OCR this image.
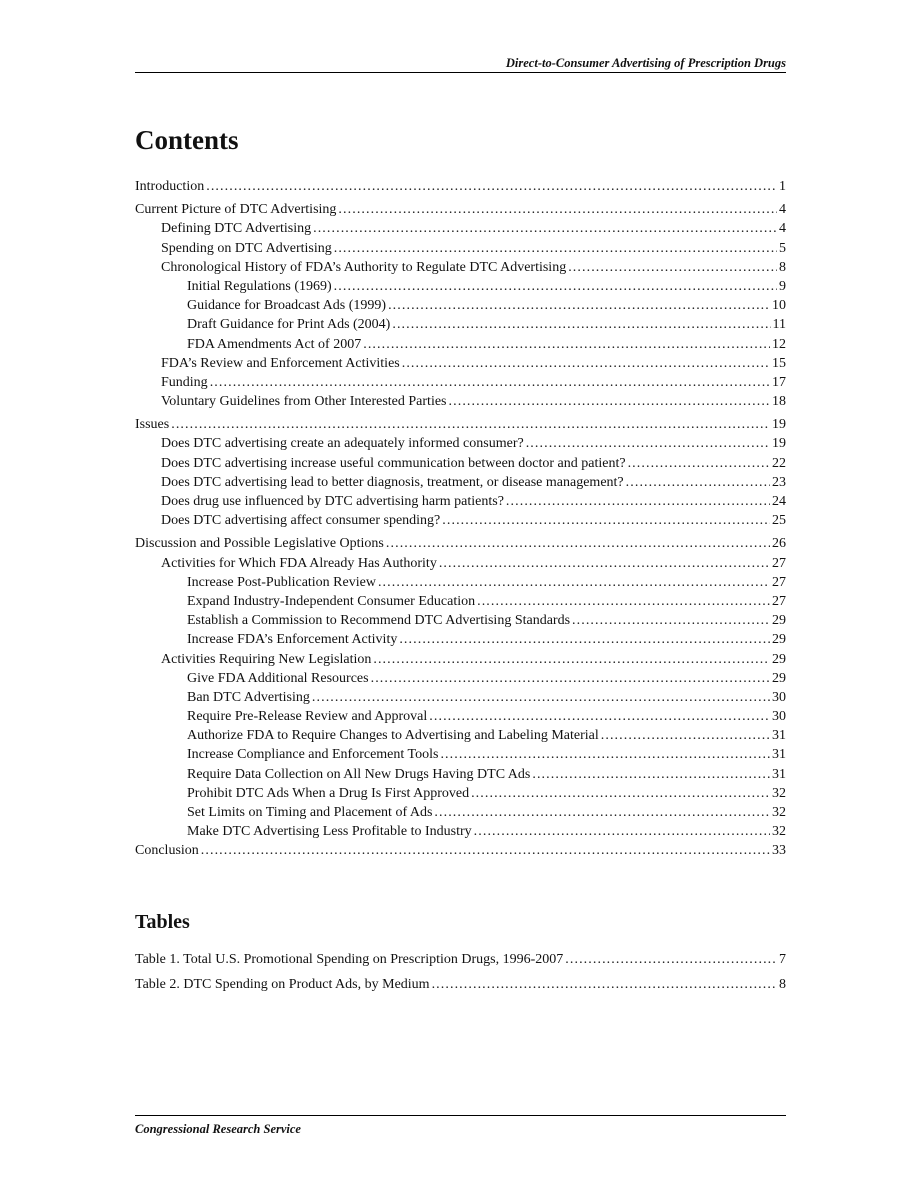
Direct-to-Consumer Advertising of Prescription Drugs
Contents
Introduction . . .	1
Current Picture of DTC Advertising . . .	4
Defining DTC Advertising . . .	4
Spending on DTC Advertising . . .	5
Chronological History of FDA’s Authority to Regulate DTC Advertising . . .	8
Initial Regulations (1969) . . .	9
Guidance for Broadcast Ads (1999) . . .	10
Draft Guidance for Print Ads (2004) . . .	11
FDA Amendments Act of 2007 . . .	12
FDA’s Review and Enforcement Activities . . .	15
Funding . . .	17
Voluntary Guidelines from Other Interested Parties . . .	18
Issues . . .	19
Does DTC advertising create an adequately informed consumer? . . .	19
Does DTC advertising increase useful communication between doctor and patient? . . .	22
Does DTC advertising lead to better diagnosis, treatment, or disease management? . . .	23
Does drug use influenced by DTC advertising harm patients? . . .	24
Does DTC advertising affect consumer spending? . . .	25
Discussion and Possible Legislative Options . . .	26
Activities for Which FDA Already Has Authority . . .	27
Increase Post-Publication Review . . .	27
Expand Industry-Independent Consumer Education . . .	27
Establish a Commission to Recommend DTC Advertising Standards . . .	29
Increase FDA’s Enforcement Activity . . .	29
Activities Requiring New Legislation . . .	29
Give FDA Additional Resources . . .	29
Ban DTC Advertising . . .	30
Require Pre-Release Review and Approval . . .	30
Authorize FDA to Require Changes to Advertising and Labeling Material . . .	31
Increase Compliance and Enforcement Tools . . .	31
Require Data Collection on All New Drugs Having DTC Ads . . .	31
Prohibit DTC Ads When a Drug Is First Approved . . .	32
Set Limits on Timing and Placement of Ads . . .	32
Make DTC Advertising Less Profitable to Industry . . .	32
Conclusion . . .	33
Tables
Table 1. Total U.S. Promotional Spending on Prescription Drugs, 1996-2007 . . .	7
Table 2. DTC Spending on Product Ads, by Medium . . .	8
Congressional Research Service
